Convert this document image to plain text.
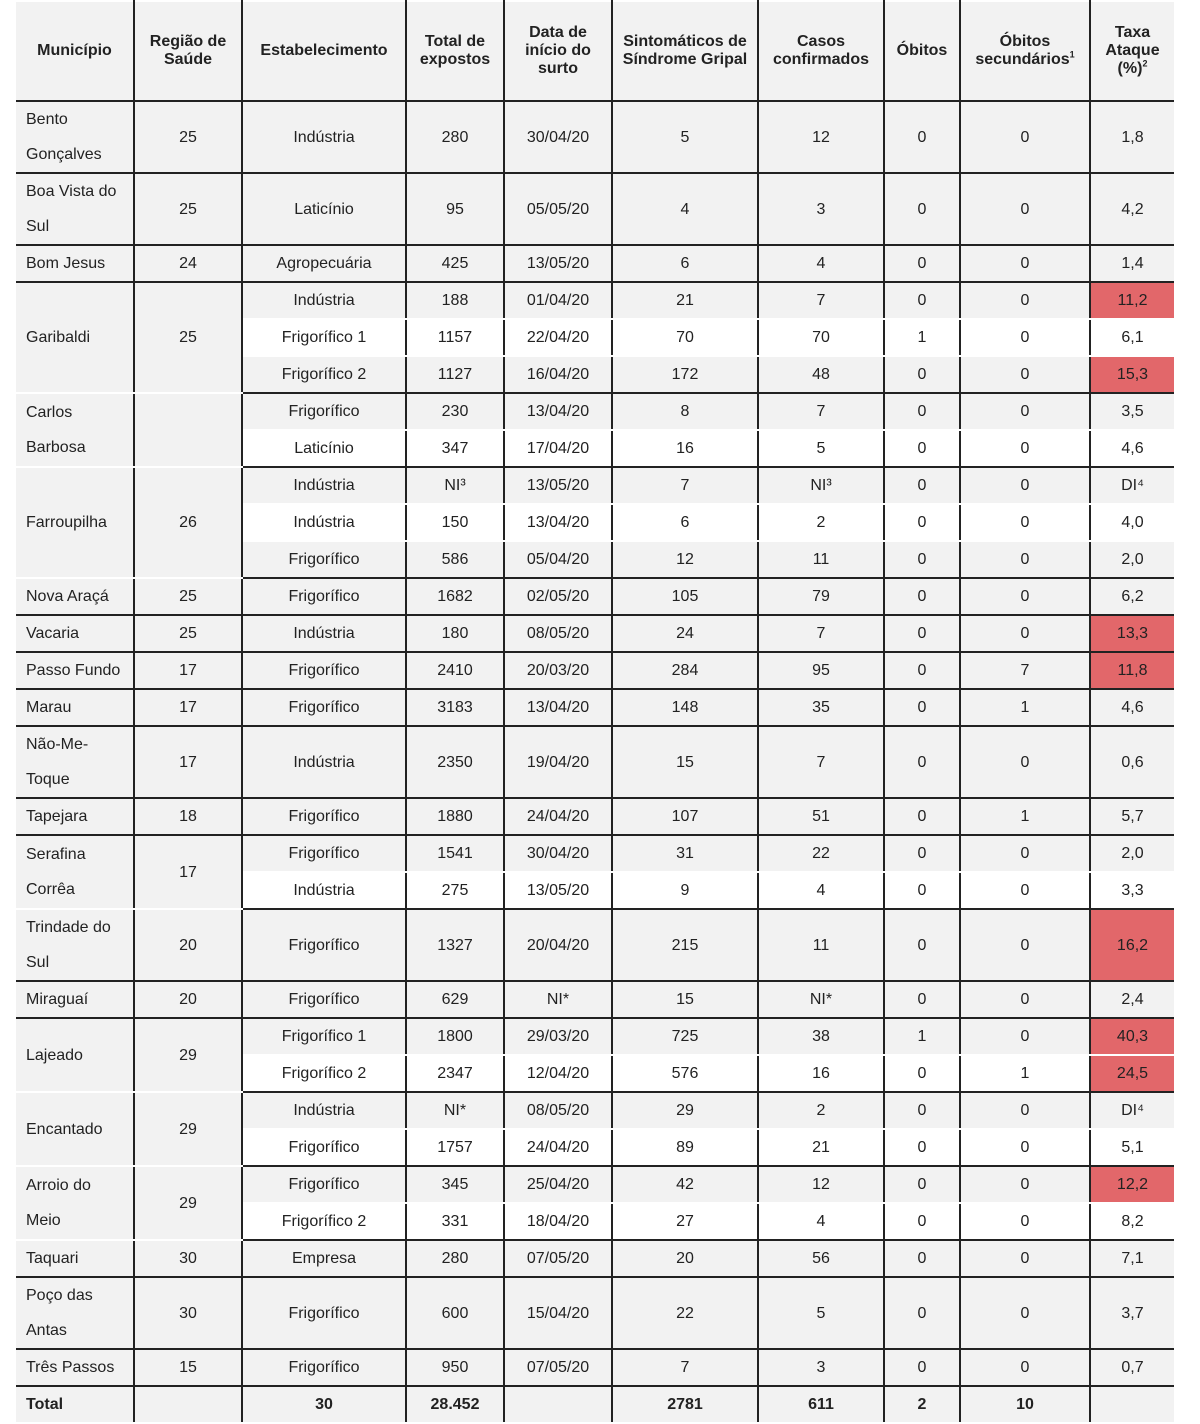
Município	Região de Saúde	Estabelecimento	Total de expostos	Data de início do surto	Sintomáticos de Síndrome Gripal	Casos confirmados	Óbitos	Óbitos secundários$^1$	Taxa Ataque (%)$^2$
Bento Gonçalves	25	Indústria	280	30/04/20	5	12	0	0	1,8
Boa Vista do Sul	25	Laticínio	95	05/05/20	4	3	0	0	4,2
Bom Jesus	24	Agropecuária	425	13/05/20	6	4	0	0	1,4
Garibaldi	25	Indústria	188	01/04/20	21	7	0	0	11,2
		Frigorífico 1	1157	22/04/20	70	70	1	0	6,1
		Frigorífico 2	1127	16/04/20	172	48	0	0	15,3
Carlos Barbosa		Frigorífico	230	13/04/20	8	7	0	0	3,5
		Laticínio	347	17/04/20	16	5	0	0	4,6
Farroupilha	26	Indústria	NI³	13/05/20	7	NI³	0	0	DI⁴
		Indústria	150	13/04/20	6	2	0	0	4,0
		Frigorífico	586	05/04/20	12	11	0	0	2,0
Nova Araçá	25	Frigorífico	1682	02/05/20	105	79	0	0	6,2
Vacaria	25	Indústria	180	08/05/20	24	7	0	0	13,3
Passo Fundo	17	Frigorífico	2410	20/03/20	284	95	0	7	11,8
Marau	17	Frigorífico	3183	13/04/20	148	35	0	1	4,6
Não-Me-Toque	17	Indústria	2350	19/04/20	15	7	0	0	0,6
Tapejara	18	Frigorífico	1880	24/04/20	107	51	0	1	5,7
Serafina Corrêa	17	Frigorífico	1541	30/04/20	31	22	0	0	2,0
		Indústria	275	13/05/20	9	4	0	0	3,3
Trindade do Sul	20	Frigorífico	1327	20/04/20	215	11	0	0	16,2
Miraguaí	20	Frigorífico	629	NI*	15	NI*	0	0	2,4
Lajeado	29	Frigorífico 1	1800	29/03/20	725	38	1	0	40,3
		Frigorífico 2	2347	12/04/20	576	16	0	1	24,5
Encantado	29	Indústria	NI*	08/05/20	29	2	0	0	DI⁴
		Frigorífico	1757	24/04/20	89	21	0	0	5,1
Arroio do Meio	29	Frigorífico	345	25/04/20	42	12	0	0	12,2
		Frigorífico 2	331	18/04/20	27	4	0	0	8,2
Taquari	30	Empresa	280	07/05/20	20	56	0	0	7,1
Poço das Antas	30	Frigorífico	600	15/04/20	22	5	0	0	3,7
Três Passos	15	Frigorífico	950	07/05/20	7	3	0	0	0,7
Total		30	28.452		2781	611	2	10	
